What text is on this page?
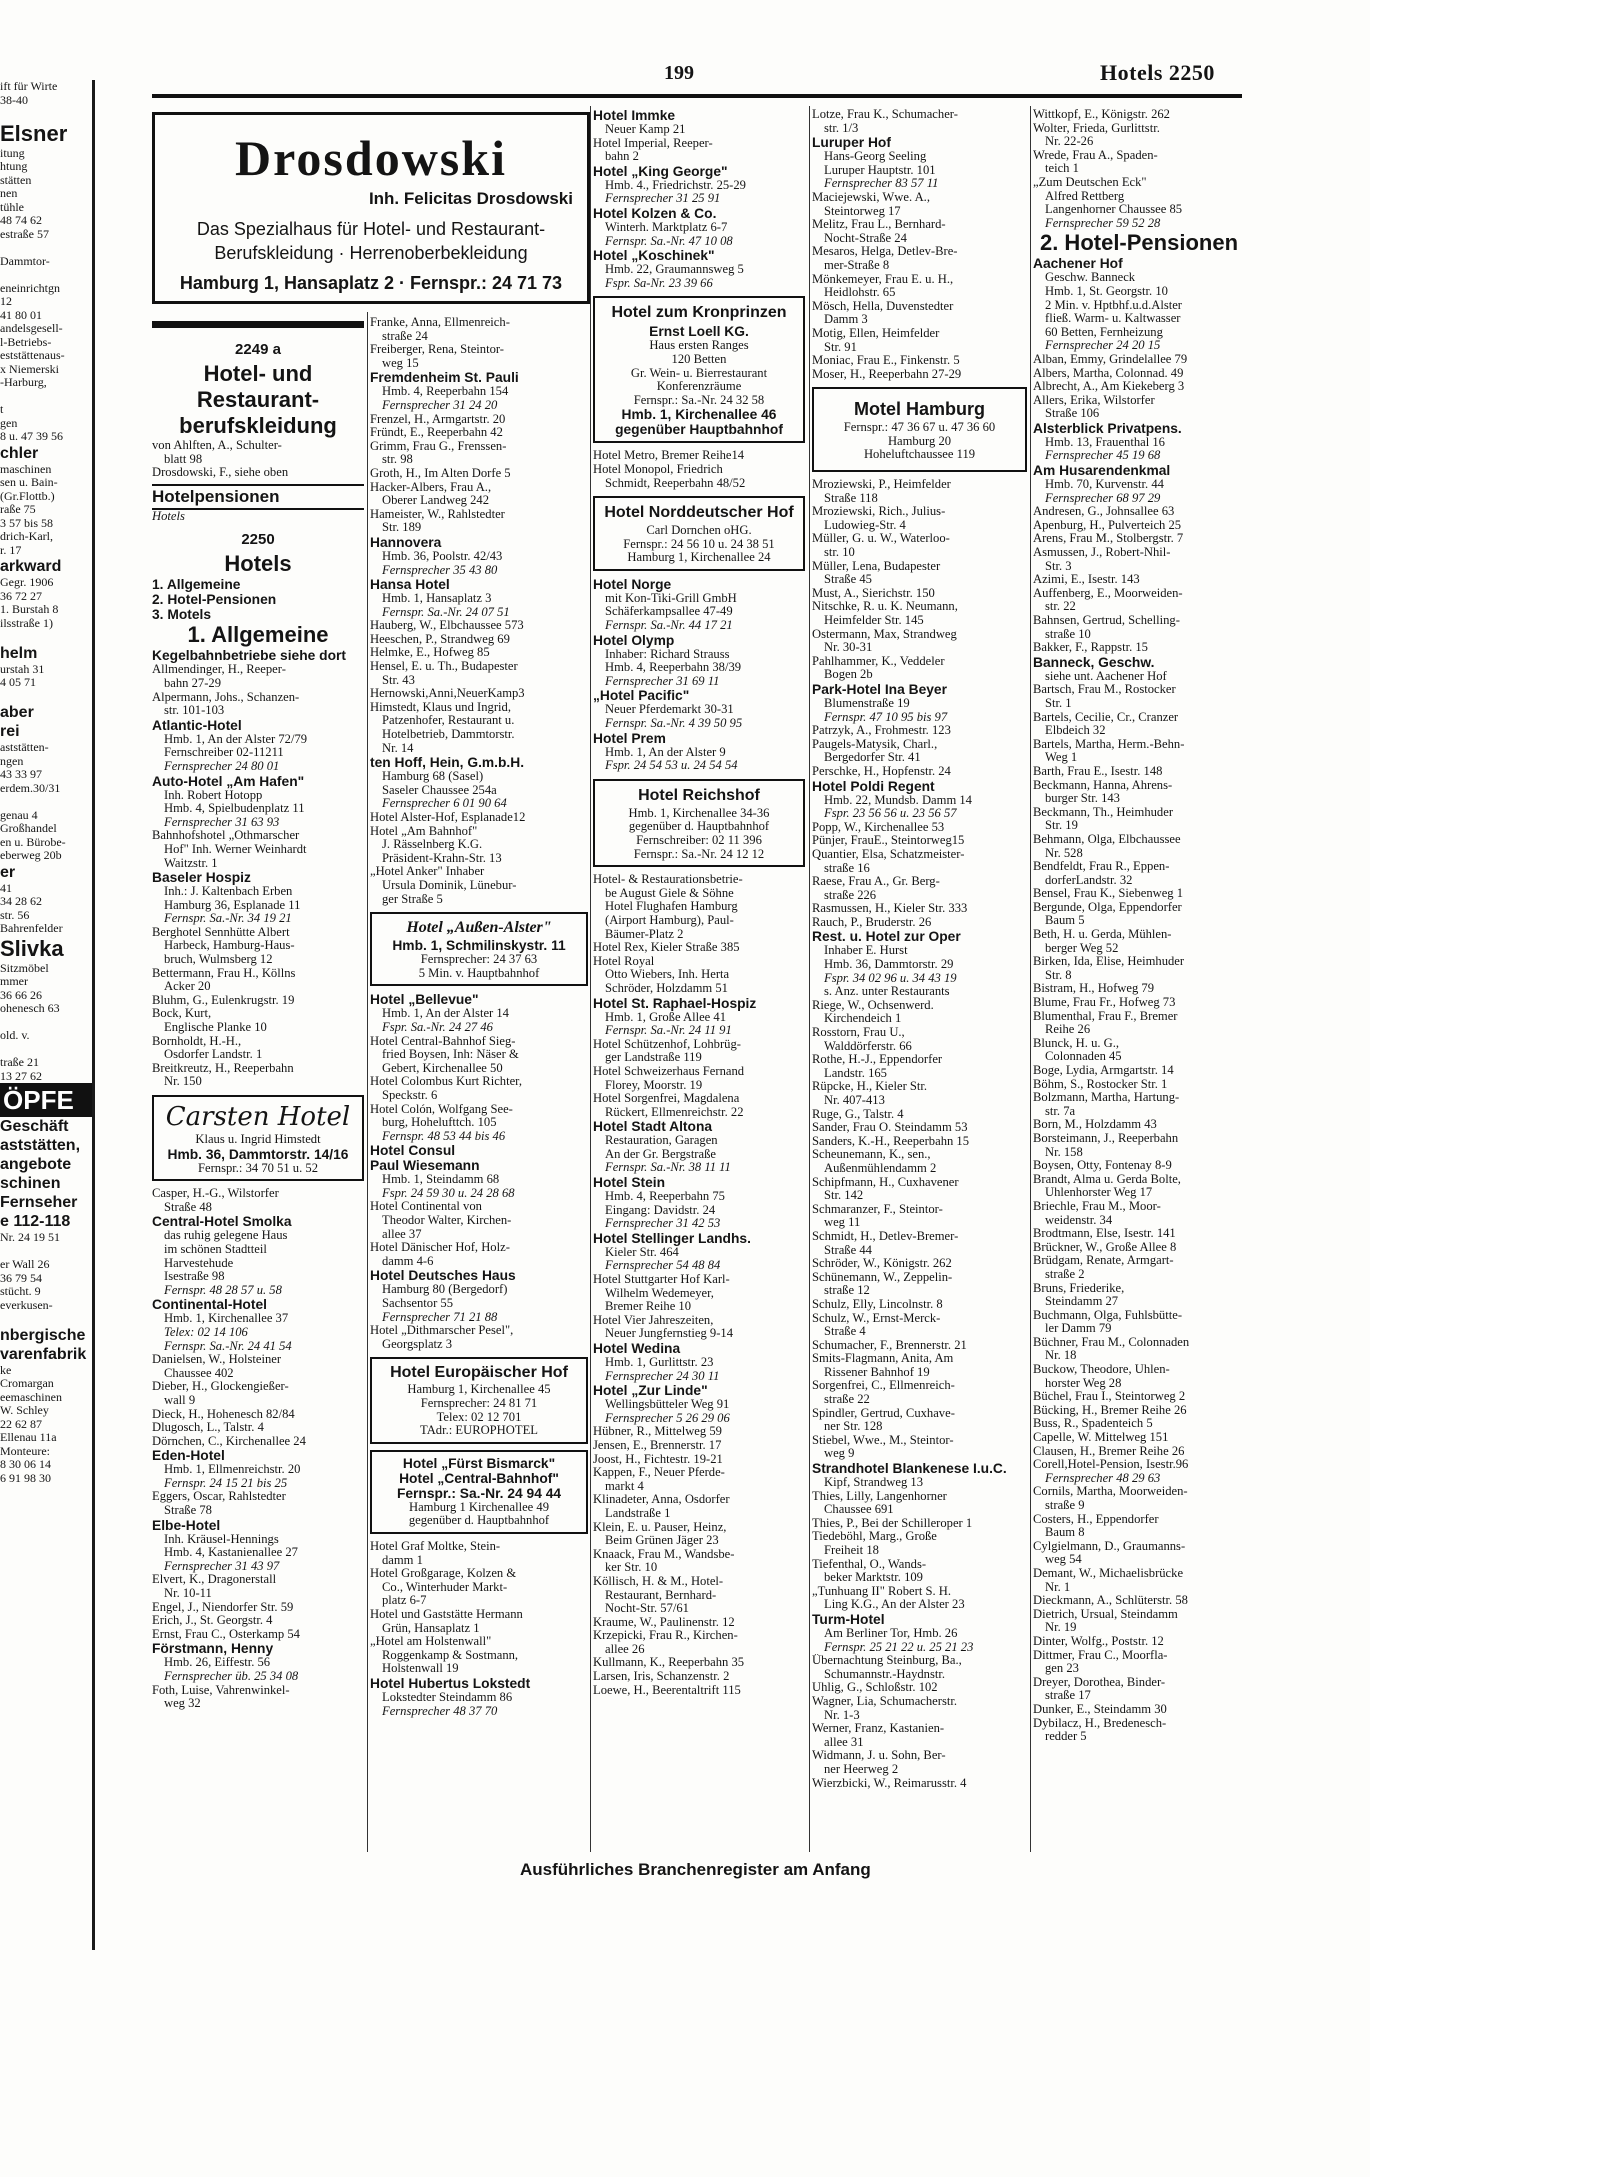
ift für Wirte
38-40

Elsner
itung
htung
stätten
nen
tühle
48 74 62
estraße 57

Dammtor-

eneinrichtgn
12
41 80 01
andelsgesell-
l-Betriebs-
eststättenaus-
x Niemerski
-Harburg,

t
gen
8 u. 47 39 56
chler
maschinen
sen u. Bain-
(Gr.Flottb.)
raße 75
3 57 bis 58
drich-Karl,
r. 17
arkward
Gegr. 1906
36 72 27
1. Burstah 8
ilsstraße 1)

helm
urstah 31
4 05 71

aber
rei
aststätten-
ngen
43 33 97
erdem.30/31

genau 4
Großhandel
en u. Bürobe-
eberweg 20b
er
41
34 28 62
str. 56
Bahrenfelder
Slivka
Sitzmöbel
mmer
36 66 26
ohenesch 63

old. v.

traße 21
13 27 62
ÖPFE
Geschäft
aststätten,
angebote
schinen
Fernseher
e 112-118
Nr. 24 19 51

er Wall 26
36 79 54
stücht. 9
everkusen-

nbergische
varenfabrik
ke
Cromargan
eemaschinen
W. Schley
22 62 87
Ellenau 11a
Monteure:
8 30 06 14
6 91 98 30
199	Hotels 2250
Drosdowski
Inh. Felicitas Drosdowski
Das Spezialhaus für Hotel- und Restaurant-
Berufskleidung · Herrenoberbekleidung
Hamburg 1, Hansaplatz 2 · Fernspr.: 24 71 73
2249 a
Hotel- und
Restaurant-
berufskleidung
von Ahlften, A., Schulter-
blatt 98
Drosdowski, F., siehe oben
Hotelpensionen
Hotels
2250
Hotels
1. Allgemeine
2. Hotel-Pensionen
3. Motels
1. Allgemeine
Kegelbahnbetriebe siehe dort
Allmendinger, H., Reeper-
bahn 27-29
Alpermann, Johs., Schanzen-
str. 101-103
Atlantic-Hotel
Hmb. 1, An der Alster 72/79
Fernschreiber 02-11211
Fernsprecher 24 80 01
Auto-Hotel „Am Hafen"
Inh. Robert Hotopp
Hmb. 4, Spielbudenplatz 11
Fernsprecher 31 63 93
Bahnhofshotel „Othmarscher
Hof" Inh. Werner Weinhardt
Waitzstr. 1
Baseler Hospiz
Inh.: J. Kaltenbach Erben
Hamburg 36, Esplanade 11
Fernspr. Sa.-Nr. 34 19 21
Berghotel Sennhütte Albert
Harbeck, Hamburg-Haus-
bruch, Wulmsberg 12
Bettermann, Frau H., Köllns
Acker 20
Bluhm, G., Eulenkrugstr. 19
Bock, Kurt,
Englische Planke 10
Bornholdt, H.-H.,
Osdorfer Landstr. 1
Breitkreutz, H., Reeperbahn
Nr. 150
Carsten Hotel
Klaus u. Ingrid Himstedt
Hmb. 36, Dammtorstr. 14/16
Fernspr.: 34 70 51 u. 52
Casper, H.-G., Wilstorfer
Straße 48
Central-Hotel Smolka
das ruhig gelegene Haus
im schönen Stadtteil
Harvestehude
Isestraße 98
Fernspr. 48 28 57 u. 58
Continental-Hotel
Hmb. 1, Kirchenallee 37
Telex: 02 14 106
Fernspr. Sa.-Nr. 24 41 54
Danielsen, W., Holsteiner
Chaussee 402
Dieber, H., Glockengießer-
wall 9
Dieck, H., Hohenesch 82/84
Dlugosch, L., Talstr. 4
Dörnchen, C., Kirchenallee 24
Eden-Hotel
Hmb. 1, Ellmenreichstr. 20
Fernspr. 24 15 21 bis 25
Eggers, Oscar, Rahlstedter
Straße 78
Elbe-Hotel
Inh. Kräusel-Hennings
Hmb. 4, Kastanienallee 27
Fernsprecher 31 43 97
Elvert, K., Dragonerstall
Nr. 10-11
Engel, J., Niendorfer Str. 59
Erich, J., St. Georgstr. 4
Ernst, Frau C., Osterkamp 54
Förstmann, Henny
Hmb. 26, Eiffestr. 56
Fernsprecher üb. 25 34 08
Foth, Luise, Vahrenwinkel-
weg 32
Franke, Anna, Ellmenreich-
straße 24
Freiberger, Rena, Steintor-
weg 15
Fremdenheim St. Pauli
Hmb. 4, Reeperbahn 154
Fernsprecher 31 24 20
Frenzel, H., Armgartstr. 20
Fründt, E., Reeperbahn 42
Grimm, Frau G., Frenssen-
str. 98
Groth, H., Im Alten Dorfe 5
Hacker-Albers, Frau A.,
Oberer Landweg 242
Hameister, W., Rahlstedter
Str. 189
Hannovera
Hmb. 36, Poolstr. 42/43
Fernsprecher 35 43 80
Hansa Hotel
Hmb. 1, Hansaplatz 3
Fernspr. Sa.-Nr. 24 07 51
Hauberg, W., Elbchaussee 573
Heeschen, P., Strandweg 69
Helmke, E., Hofweg 85
Hensel, E. u. Th., Budapester
Str. 43
Hernowski,Anni,NeuerKamp3
Himstedt, Klaus und Ingrid,
Patzenhofer, Restaurant u.
Hotelbetrieb, Dammtorstr.
Nr. 14
ten Hoff, Hein, G.m.b.H.
Hamburg 68 (Sasel)
Saseler Chaussee 254a
Fernsprecher 6 01 90 64
Hotel Alster-Hof, Esplanade12
Hotel „Am Bahnhof"
J. Rässelnberg K.G.
Präsident-Krahn-Str. 13
„Hotel Anker" Inhaber
Ursula Dominik, Lünebur-
ger Straße 5
Hotel „Außen-Alster"
Hmb. 1, Schmilinskystr. 11
Fernsprecher: 24 37 63
5 Min. v. Hauptbahnhof
Hotel „Bellevue"
Hmb. 1, An der Alster 14
Fspr. Sa.-Nr. 24 27 46
Hotel Central-Bahnhof Sieg-
fried Boysen, Inh: Näser &
Gebert, Kirchenallee 50
Hotel Colombus Kurt Richter,
Speckstr. 6
Hotel Colón, Wolfgang See-
burg, Hohelufttch. 105
Fernspr. 48 53 44 bis 46
Hotel Consul
Paul Wiesemann
Hmb. 1, Steindamm 68
Fspr. 24 59 30 u. 24 28 68
Hotel Continental von
Theodor Walter, Kirchen-
allee 37
Hotel Dänischer Hof, Holz-
damm 4-6
Hotel Deutsches Haus
Hamburg 80 (Bergedorf)
Sachsentor 55
Fernsprecher 71 21 88
Hotel „Dithmarscher Pesel",
Georgsplatz 3
Hotel Europäischer Hof
Hamburg 1, Kirchenallee 45
Fernsprecher: 24 81 71
Telex: 02 12 701
TAdr.: EUROPHOTEL
Hotel „Fürst Bismarck"
Hotel „Central-Bahnhof"
Fernspr.: Sa.-Nr. 24 94 44
Hamburg 1 Kirchenallee 49
gegenüber d. Hauptbahnhof
Hotel Graf Moltke, Stein-
damm 1
Hotel Großgarage, Kolzen &
Co., Winterhuder Markt-
platz 6-7
Hotel und Gaststätte Hermann
Grün, Hansaplatz 1
„Hotel am Holstenwall"
Roggenkamp & Sostmann,
Holstenwall 19
Hotel Hubertus Lokstedt
Lokstedter Steindamm 86
Fernsprecher 48 37 70
Hotel Immke
Neuer Kamp 21
Hotel Imperial, Reeper-
bahn 2
Hotel „King George"
Hmb. 4., Friedrichstr. 25-29
Fernsprecher 31 25 91
Hotel Kolzen & Co.
Winterh. Marktplatz 6-7
Fernspr. Sa.-Nr. 47 10 08
Hotel „Koschinek"
Hmb. 22, Graumannsweg 5
Fspr. Sa-Nr. 23 39 66
Hotel zum Kronprinzen
Ernst Loell KG.
Haus ersten Ranges
120 Betten
Gr. Wein- u. Bierrestaurant
Konferenzräume
Fernspr.: Sa.-Nr. 24 32 58
Hmb. 1, Kirchenallee 46
gegenüber Hauptbahnhof
Hotel Metro, Bremer Reihe14
Hotel Monopol, Friedrich
Schmidt, Reeperbahn 48/52
Hotel Norddeutscher Hof
Carl Dornchen oHG.
Fernspr.: 24 56 10 u. 24 38 51
Hamburg 1, Kirchenallee 24
Hotel Norge
mit Kon-Tiki-Grill GmbH
Schäferkampsallee 47-49
Fernspr. Sa.-Nr. 44 17 21
Hotel Olymp
Inhaber: Richard Strauss
Hmb. 4, Reeperbahn 38/39
Fernsprecher 31 69 11
„Hotel Pacific"
Neuer Pferdemarkt 30-31
Fernspr. Sa.-Nr. 4 39 50 95
Hotel Prem
Hmb. 1, An der Alster 9
Fspr. 24 54 53 u. 24 54 54
Hotel Reichshof
Hmb. 1, Kirchenallee 34-36
gegenüber d. Hauptbahnhof
Fernschreiber: 02 11 396
Fernspr.: Sa.-Nr. 24 12 12
Hotel- & Restaurationsbetrie-
be August Giele & Söhne
Hotel Flughafen Hamburg
(Airport Hamburg), Paul-
Bäumer-Platz 2
Hotel Rex, Kieler Straße 385
Hotel Royal
Otto Wiebers, Inh. Herta
Schröder, Holzdamm 51
Hotel St. Raphael-Hospiz
Hmb. 1, Große Allee 41
Fernspr. Sa.-Nr. 24 11 91
Hotel Schützenhof, Lohbrüg-
ger Landstraße 119
Hotel Schweizerhaus Fernand
Florey, Moorstr. 19
Hotel Sorgenfrei, Magdalena
Rückert, Ellmenreichstr. 22
Hotel Stadt Altona
Restauration, Garagen
An der Gr. Bergstraße
Fernspr. Sa.-Nr. 38 11 11
Hotel Stein
Hmb. 4, Reeperbahn 75
Eingang: Davidstr. 24
Fernsprecher 31 42 53
Hotel Stellinger Landhs.
Kieler Str. 464
Fernsprecher 54 48 84
Hotel Stuttgarter Hof Karl-
Wilhelm Wedemeyer,
Bremer Reihe 10
Hotel Vier Jahreszeiten,
Neuer Jungfernstieg 9-14
Hotel Wedina
Hmb. 1, Gurlittstr. 23
Fernsprecher 24 30 11
Hotel „Zur Linde"
Wellingsbütteler Weg 91
Fernsprecher 5 26 29 06
Hübner, R., Mittelweg 59
Jensen, E., Brennerstr. 17
Joost, H., Fichtestr. 19-21
Kappen, F., Neuer Pferde-
markt 4
Klinadeter, Anna, Osdorfer
Landstraße 1
Klein, E. u. Pauser, Heinz,
Beim Grünen Jäger 23
Knaack, Frau M., Wandsbe-
ker Str. 10
Köllisch, H. & M., Hotel-
Restaurant, Bernhard-
Nocht-Str. 57/61
Kraume, W., Paulinenstr. 12
Krzepicki, Frau R., Kirchen-
allee 26
Kullmann, K., Reeperbahn 35
Larsen, Iris, Schanzenstr. 2
Loewe, H., Beerentaltrift 115
Lotze, Frau K., Schumacher-
str. 1/3
Luruper Hof
Hans-Georg Seeling
Luruper Hauptstr. 101
Fernsprecher 83 57 11
Maciejewski, Wwe. A.,
Steintorweg 17
Melitz, Frau L., Bernhard-
Nocht-Straße 24
Mesaros, Helga, Detlev-Bre-
mer-Straße 8
Mönkemeyer, Frau E. u. H.,
Heidlohstr. 65
Mösch, Hella, Duvenstedter
Damm 3
Motig, Ellen, Heimfelder
Str. 91
Moniac, Frau E., Finkenstr. 5
Moser, H., Reeperbahn 27-29
Motel Hamburg
Fernspr.: 47 36 67 u. 47 36 60
Hamburg 20
Hoheluftchaussee 119
Mroziewski, P., Heimfelder
Straße 118
Mroziewski, Rich., Julius-
Ludowieg-Str. 4
Müller, G. u. W., Waterloo-
str. 10
Müller, Lena, Budapester
Straße 45
Must, A., Sierichstr. 150
Nitschke, R. u. K. Neumann,
Heimfelder Str. 145
Ostermann, Max, Strandweg
Nr. 30-31
Pahlhammer, K., Veddeler
Bogen 2b
Park-Hotel Ina Beyer
Blumenstraße 19
Fernspr. 47 10 95 bis 97
Patrzyk, A., Frohmestr. 123
Paugels-Matysik, Charl.,
Bergedorfer Str. 41
Perschke, H., Hopfenstr. 24
Hotel Poldi Regent
Hmb. 22, Mundsb. Damm 14
Fspr. 23 56 56 u. 23 56 57
Popp, W., Kirchenallee 53
Pünjer, FrauE., Steintorweg15
Quantier, Elsa, Schatzmeister-
straße 16
Raese, Frau A., Gr. Berg-
straße 226
Rasmussen, H., Kieler Str. 333
Rauch, P., Bruderstr. 26
Rest. u. Hotel zur Oper
Inhaber E. Hurst
Hmb. 36, Dammtorstr. 29
Fspr. 34 02 96 u. 34 43 19
s. Anz. unter Restaurants
Riege, W., Ochsenwerd.
Kirchendeich 1
Rosstorn, Frau U.,
Walddörferstr. 66
Rothe, H.-J., Eppendorfer
Landstr. 165
Rüpcke, H., Kieler Str.
Nr. 407-413
Ruge, G., Talstr. 4
Sander, Frau O. Steindamm 53
Sanders, K.-H., Reeperbahn 15
Scheunemann, K., sen.,
Außenmühlendamm 2
Schipfmann, H., Cuxhavener
Str. 142
Schmaranzer, F., Steintor-
weg 11
Schmidt, H., Detlev-Bremer-
Straße 44
Schröder, W., Königstr. 262
Schünemann, W., Zeppelin-
straße 12
Schulz, Elly, Lincolnstr. 8
Schulz, W., Ernst-Merck-
Straße 4
Schumacher, F., Brennerstr. 21
Smits-Flagmann, Anita, Am
Rissener Bahnhof 19
Sorgenfrei, C., Ellmenreich-
straße 22
Spindler, Gertrud, Cuxhave-
ner Str. 128
Stiebel, Wwe., M., Steintor-
weg 9
Strandhotel Blankenese I.u.C.
Kipf, Strandweg 13
Thies, Lilly, Langenhorner
Chaussee 691
Thies, P., Bei der Schilleroper 1
Tiedeböhl, Marg., Große
Freiheit 18
Tiefenthal, O., Wands-
beker Marktstr. 109
„Tunhuang II" Robert S. H.
Ling K.G., An der Alster 23
Turm-Hotel
Am Berliner Tor, Hmb. 26
Fernspr. 25 21 22 u. 25 21 23
Übernachtung Steinburg, Ba.,
Schumannstr.-Haydnstr.
Uhlig, G., Schloßstr. 102
Wagner, Lia, Schumacherstr.
Nr. 1-3
Werner, Franz, Kastanien-
allee 31
Widmann, J. u. Sohn, Ber-
ner Heerweg 2
Wierzbicki, W., Reimarusstr. 4
Wittkopf, E., Königstr. 262
Wolter, Frieda, Gurlittstr.
Nr. 22-26
Wrede, Frau A., Spaden-
teich 1
„Zum Deutschen Eck"
Alfred Rettberg
Langenhorner Chaussee 85
Fernsprecher 59 52 28
2. Hotel-Pensionen
Aachener Hof
Geschw. Banneck
Hmb. 1, St. Georgstr. 10
2 Min. v. Hptbhf.u.d.Alster
fließ. Warm- u. Kaltwasser
60 Betten, Fernheizung
Fernsprecher 24 20 15
Alban, Emmy, Grindelallee 79
Albers, Martha, Colonnad. 49
Albrecht, A., Am Kiekeberg 3
Allers, Erika, Wilstorfer
Straße 106
Alsterblick Privatpens.
Hmb. 13, Frauenthal 16
Fernsprecher 45 19 68
Am Husarendenkmal
Hmb. 70, Kurvenstr. 44
Fernsprecher 68 97 29
Andresen, G., Johnsallee 63
Apenburg, H., Pulverteich 25
Arens, Frau M., Stolbergstr. 7
Asmussen, J., Robert-Nhil-
Str. 3
Azimi, E., Isestr. 143
Auffenberg, E., Moorweiden-
str. 22
Bahnsen, Gertrud, Schelling-
straße 10
Bakker, F., Rappstr. 15
Banneck, Geschw.
siehe unt. Aachener Hof
Bartsch, Frau M., Rostocker
Str. 1
Bartels, Cecilie, Cr., Cranzer
Elbdeich 32
Bartels, Martha, Herm.-Behn-
Weg 1
Barth, Frau E., Isestr. 148
Beckmann, Hanna, Ahrens-
burger Str. 143
Beckmann, Th., Heimhuder
Str. 19
Behmann, Olga, Elbchaussee
Nr. 528
Bendfeldt, Frau R., Eppen-
dorferLandstr. 32
Bensel, Frau K., Siebenweg 1
Bergunde, Olga, Eppendorfer
Baum 5
Beth, H. u. Gerda, Mühlen-
berger Weg 52
Birken, Ida, Elise, Heimhuder
Str. 8
Bistram, H., Hofweg 79
Blume, Frau Fr., Hofweg 73
Blumenthal, Frau F., Bremer
Reihe 26
Blunck, H. u. G.,
Colonnaden 45
Boge, Lydia, Armgartstr. 14
Böhm, S., Rostocker Str. 1
Bolzmann, Martha, Hartung-
str. 7a
Born, M., Holzdamm 43
Borsteimann, J., Reeperbahn
Nr. 158
Boysen, Otty, Fontenay 8-9
Brandt, Alma u. Gerda Bolte,
Uhlenhorster Weg 17
Briechle, Frau M., Moor-
weidenstr. 34
Brodtmann, Else, Isestr. 141
Brückner, W., Große Allee 8
Brüdgam, Renate, Armgart-
straße 2
Bruns, Friederike,
Steindamm 27
Buchmann, Olga, Fuhlsbütte-
ler Damm 79
Büchner, Frau M., Colonnaden
Nr. 18
Buckow, Theodore, Uhlen-
horster Weg 28
Büchel, Frau I., Steintorweg 2
Bücking, H., Bremer Reihe 26
Buss, R., Spadenteich 5
Capelle, W. Mittelweg 151
Clausen, H., Bremer Reihe 26
Corell,Hotel-Pension, Isestr.96
Fernsprecher 48 29 63
Cornils, Martha, Moorweiden-
straße 9
Costers, H., Eppendorfer
Baum 8
Cylgielmann, D., Graumanns-
weg 54
Demant, W., Michaelisbrücke
Nr. 1
Dieckmann, A., Schlüterstr. 58
Dietrich, Ursual, Steindamm
Nr. 19
Dinter, Wolfg., Poststr. 12
Dittmer, Frau C., Moorfla-
gen 23
Dreyer, Dorothea, Binder-
straße 17
Dunker, E., Steindamm 30
Dybilacz, H., Bredenesch-
redder 5
Ausführliches Branchenregister am Anfang
